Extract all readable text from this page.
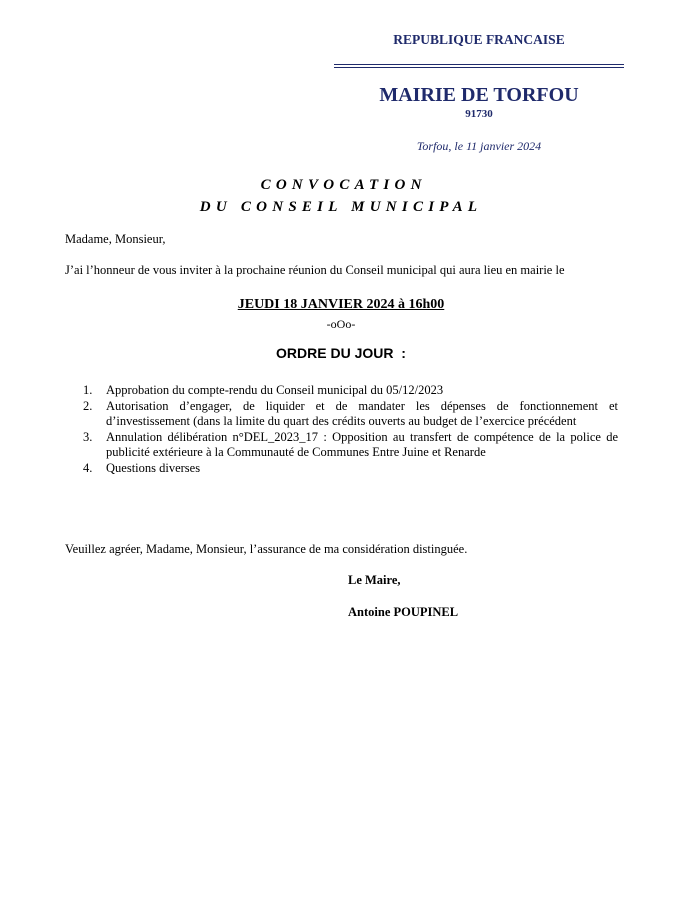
REPUBLIQUE FRANCAISE
MAIRIE DE TORFOU
91730
Torfou, le 11 janvier 2024
CONVOCATION
DU CONSEIL MUNICIPAL
Madame, Monsieur,
J’ai l’honneur de vous inviter à la prochaine réunion du Conseil municipal qui aura lieu en mairie le
JEUDI 18 JANVIER 2024 à 16h00
-oOo-
ORDRE DU JOUR  :
1. Approbation du compte-rendu du Conseil municipal du 05/12/2023
2. Autorisation d’engager, de liquider et de mandater les dépenses de fonctionnement et d’investissement (dans la limite du quart des crédits ouverts au budget de l’exercice précédent
3. Annulation délibération n°DEL_2023_17 : Opposition au transfert de compétence de la police de publicité extérieure à la Communauté de Communes Entre Juine et Renarde
4. Questions diverses
Veuillez agréer, Madame, Monsieur, l’assurance de ma considération distinguée.
Le Maire,
Antoine POUPINEL
